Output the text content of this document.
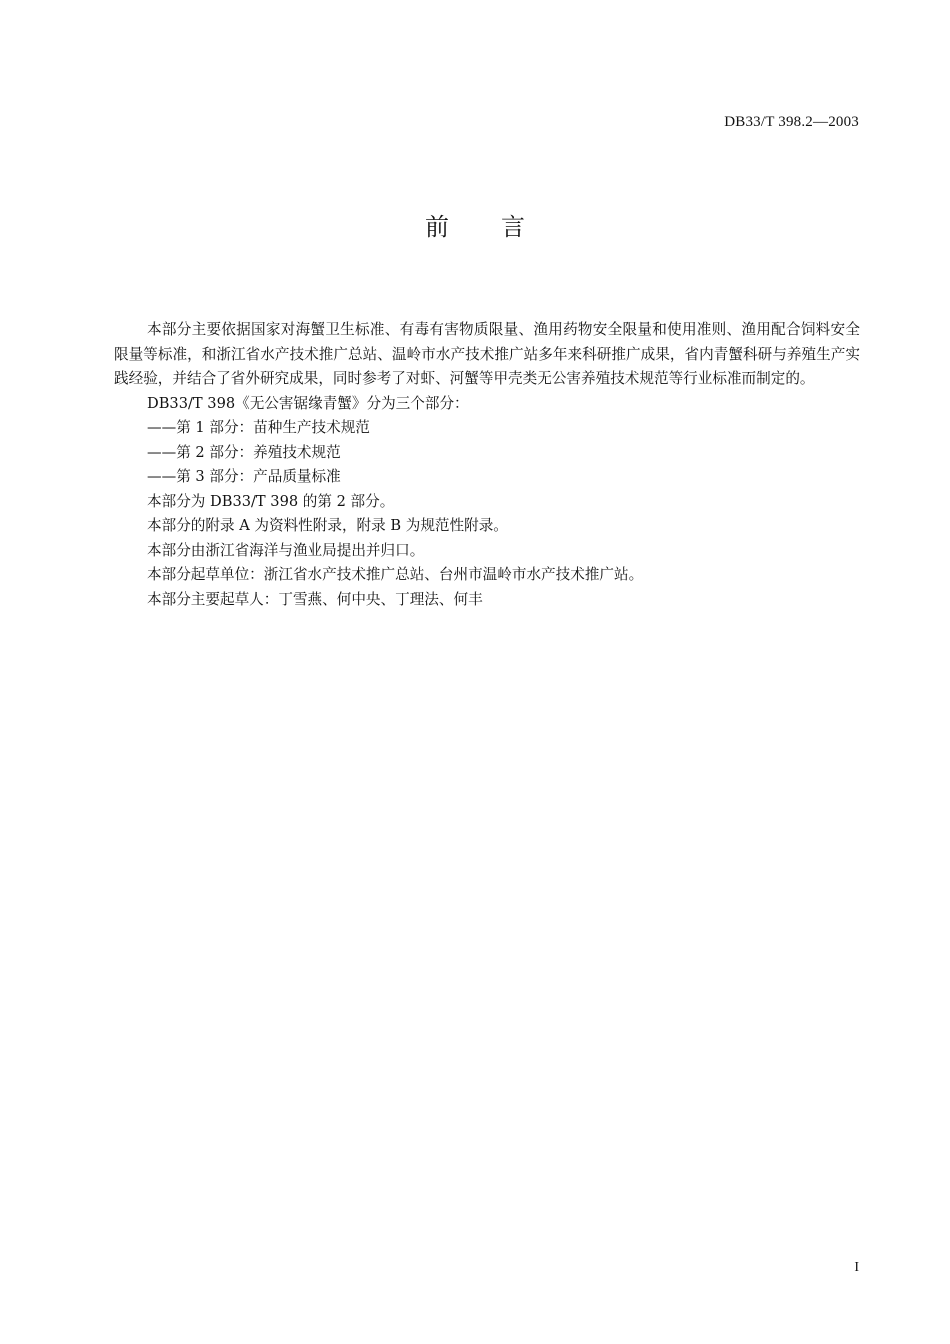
DB33/T 398.2—2003
前 言

本部分主要依据国家对海蟹卫生标准、有毒有害物质限量、渔用药物安全限量和使用准则、渔用配合饲料安全限量等标准，和浙江省水产技术推广总站、温岭市水产技术推广站多年来科研推广成果，省内青蟹科研与养殖生产实践经验，并结合了省外研究成果，同时参考了对虾、河蟹等甲壳类无公害养殖技术规范等行业标准而制定的。

DB33/T 398《无公害锯缘青蟹》分为三个部分：

——第 1 部分：苗种生产技术规范

——第 2 部分：养殖技术规范

——第 3 部分：产品质量标准

本部分为 DB33/T 398 的第 2 部分。

本部分的附录 A 为资料性附录，附录 B 为规范性附录。

本部分由浙江省海洋与渔业局提出并归口。

本部分起草单位：浙江省水产技术推广总站、台州市温岭市水产技术推广站。

本部分主要起草人：丁雪燕、何中央、丁理法、何丰

I
